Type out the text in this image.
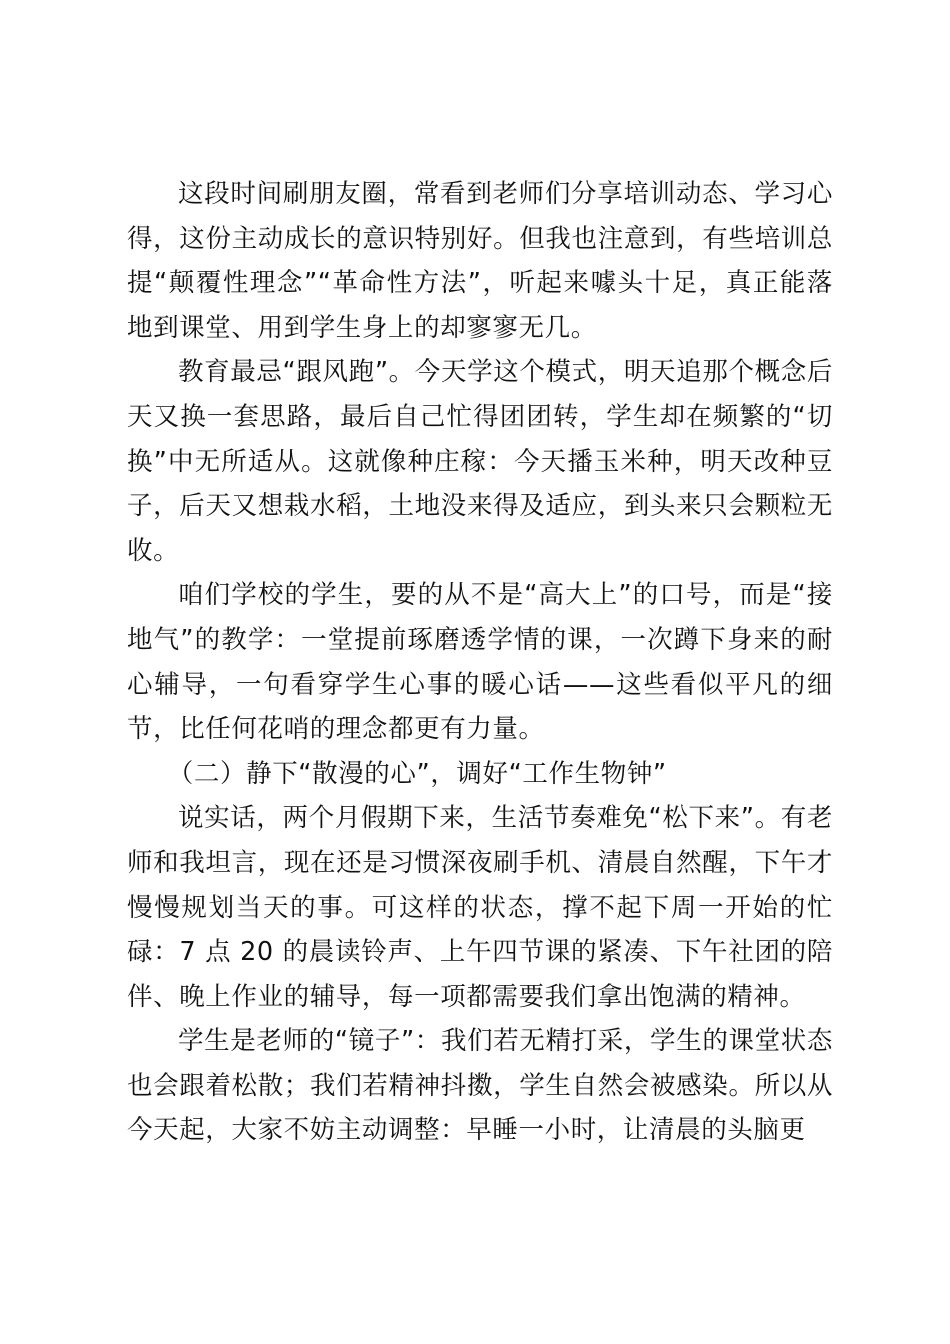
这段时间刷朋友圈，常看到老师们分享培训动态、学习心得，这份主动成长的意识特别好。但我也注意到，有些培训总提“颠覆性理念”“革命性方法”，听起来噱头十足，真正能落地到课堂、用到学生身上的却寥寥无几。

教育最忌“跟风跑”。今天学这个模式，明天追那个概念后天又换一套思路，最后自己忙得团团转，学生却在频繁的“切换”中无所适从。这就像种庄稼：今天播玉米种，明天改种豆子，后天又想栽水稻，土地没来得及适应，到头来只会颗粒无收。

咱们学校的学生，要的从不是“高大上”的口号，而是“接地气”的教学：一堂提前琢磨透学情的课，一次蹲下身来的耐心辅导，一句看穿学生心事的暖心话——这些看似平凡的细节，比任何花哨的理念都更有力量。

（二）静下“散漫的心”，调好“工作生物钟”

说实话，两个月假期下来，生活节奏难免“松下来”。有老师和我坦言，现在还是习惯深夜刷手机、清晨自然醒，下午才慢慢规划当天的事。可这样的状态，撑不起下周一开始的忙碌：7 点 20 的晨读铃声、上午四节课的紧凑、下午社团的陪伴、晚上作业的辅导，每一项都需要我们拿出饱满的精神。

学生是老师的“镜子”：我们若无精打采，学生的课堂状态也会跟着松散；我们若精神抖擞，学生自然会被感染。所以从今天起，大家不妨主动调整：早睡一小时，让清晨的头脑更
